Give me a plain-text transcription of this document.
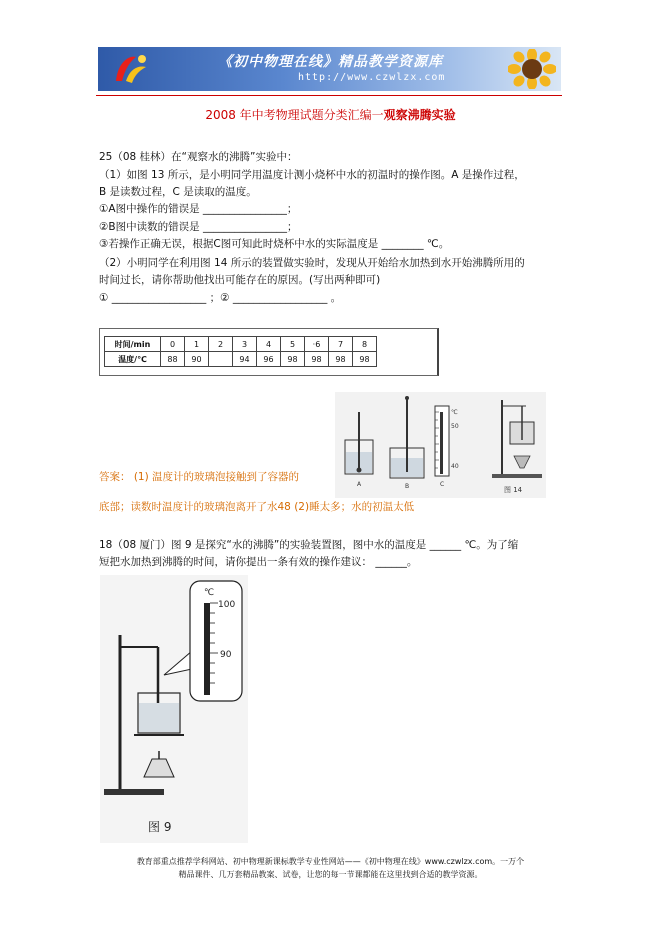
《初中物理在线》精品教学资源库
http://www.czwlzx.com
2008 年中考物理试题分类汇编一观察沸腾实验
25（08 桂林）在“观察水的沸腾”实验中：
（1）如图 13 所示，是小明同学用温度计测小烧杯中水的初温时的操作图。A 是操作过程，
B 是读数过程，C 是读取的温度。
①A图中操作的错误是 ________________；
②B图中读数的错误是 ________________；
③若操作正确无误，根据C图可知此时烧杯中水的实际温度是 ________ ℃。
（2）小明同学在利用图 14 所示的装置做实验时，发现从开始给水加热到水开始沸腾所用的
时间过长，请你帮助他找出可能存在的原因。(写出两种即可)
① __________________ ；② __________________ 。
时间/min	0	1	2	3	4	5	·6	7	8
温度/℃	88	90		94	96	98	98	98	98
℃
50
40
A	B	C
图 14
答案： (1) 温度计的玻璃泡接触到了容器的
底部；读数时温度计的玻璃泡离开了水48 (2)睡太多；水的初温太低
18（08 厦门）图 9 是探究“水的沸腾”的实验装置图，图中水的温度是 ______ ℃。为了缩
短把水加热到沸腾的时间，请你提出一条有效的操作建议： ______。
℃
100
90
图 9
教育部重点推荐学科网站、初中物理新课标教学专业性网站——《初中物理在线》www.czwlzx.com。一万个
精品课件、几万套精品教案、试卷，让您的每一节课都能在这里找到合适的教学资源。
